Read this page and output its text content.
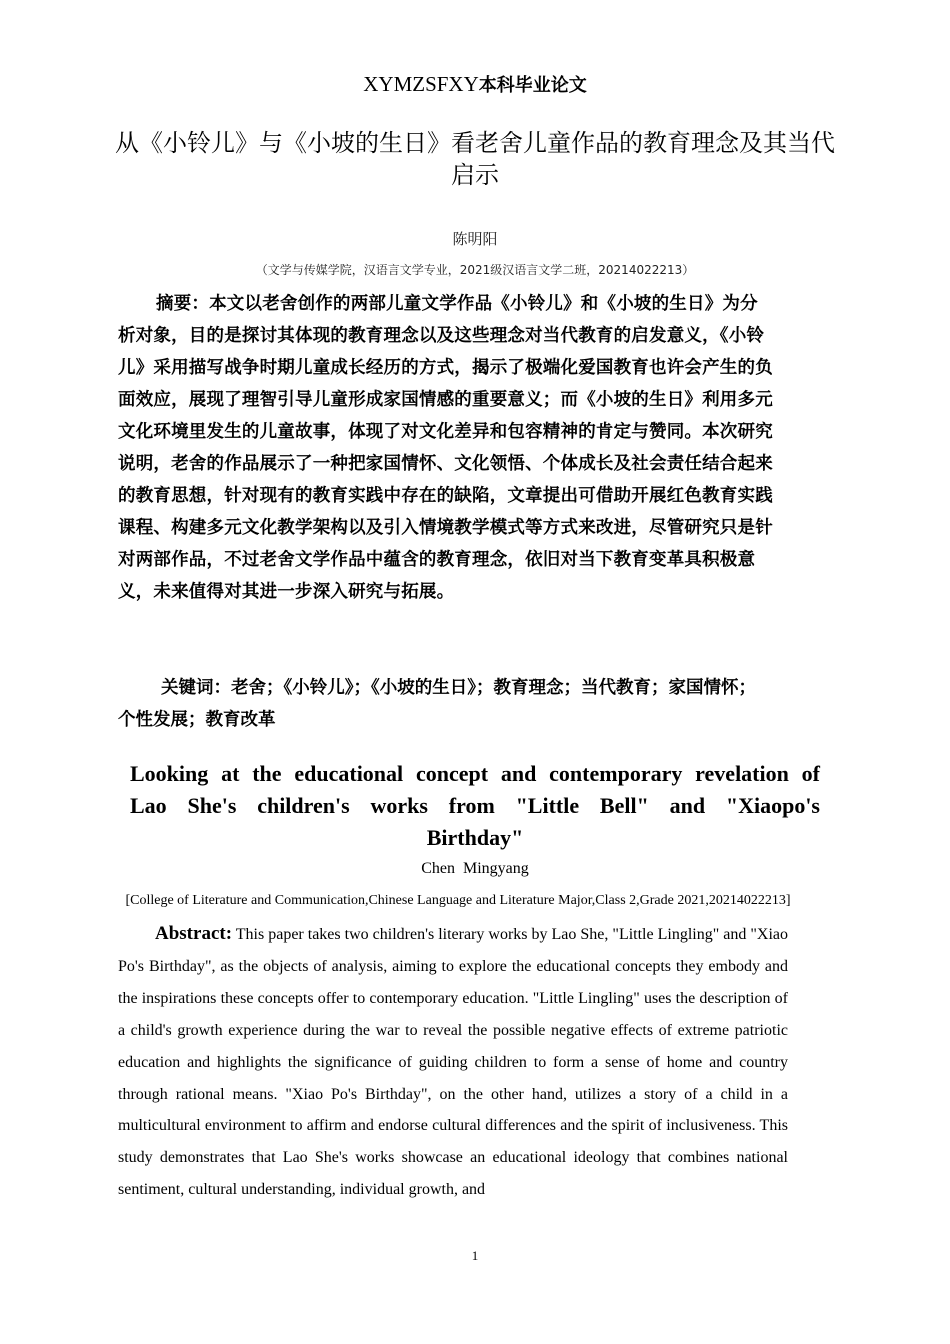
XYMZSFXY本科毕业论文
从《小铃儿》与《小坡的生日》看老舍儿童作品的教育理念及其当代启示
陈明阳
（文学与传媒学院，汉语言文学专业，2021级汉语言文学二班，20214022213）
摘要：本文以老舍创作的两部儿童文学作品《小铃儿》和《小坡的生日》为分析对象，目的是探讨其体现的教育理念以及这些理念对当代教育的启发意义，《小铃儿》采用描写战争时期儿童成长经历的方式，揭示了极端化爱国教育也许会产生的负面效应，展现了理智引导儿童形成家国情感的重要意义；而《小坡的生日》利用多元文化环境里发生的儿童故事，体现了对文化差异和包容精神的肯定与赞同。本次研究说明，老舍的作品展示了一种把家国情怀、文化领悟、个体成长及社会责任结合起来的教育思想，针对现有的教育实践中存在的缺陷，文章提出可借助开展红色教育实践课程、构建多元文化教学架构以及引入情境教学模式等方式来改进，尽管研究只是针对两部作品，不过老舍文学作品中蕴含的教育理念，依旧对当下教育变革具积极意义，未来值得对其进一步深入研究与拓展。
关键词：老舍；《小铃儿》；《小坡的生日》；教育理念；当代教育；家国情怀；个性发展；教育改革
Looking at the educational concept and contemporary revelation of Lao She's children's works from "Little Bell" and "Xiaopo's Birthday"
Chen  Mingyang
[College of Literature and Communication,Chinese Language and Literature Major,Class 2,Grade 2021,20214022213]
Abstract: This paper takes two children's literary works by Lao She, "Little Lingling" and "Xiao Po's Birthday", as the objects of analysis, aiming to explore the educational concepts they embody and the inspirations these concepts offer to contemporary education. "Little Lingling" uses the description of a child's growth experience during the war to reveal the possible negative effects of extreme patriotic education and highlights the significance of guiding children to form a sense of home and country through rational means. "Xiao Po's Birthday", on the other hand, utilizes a story of a child in a multicultural environment to affirm and endorse cultural differences and the spirit of inclusiveness. This study demonstrates that Lao She's works showcase an educational ideology that combines national sentiment, cultural understanding, individual growth, and
1
